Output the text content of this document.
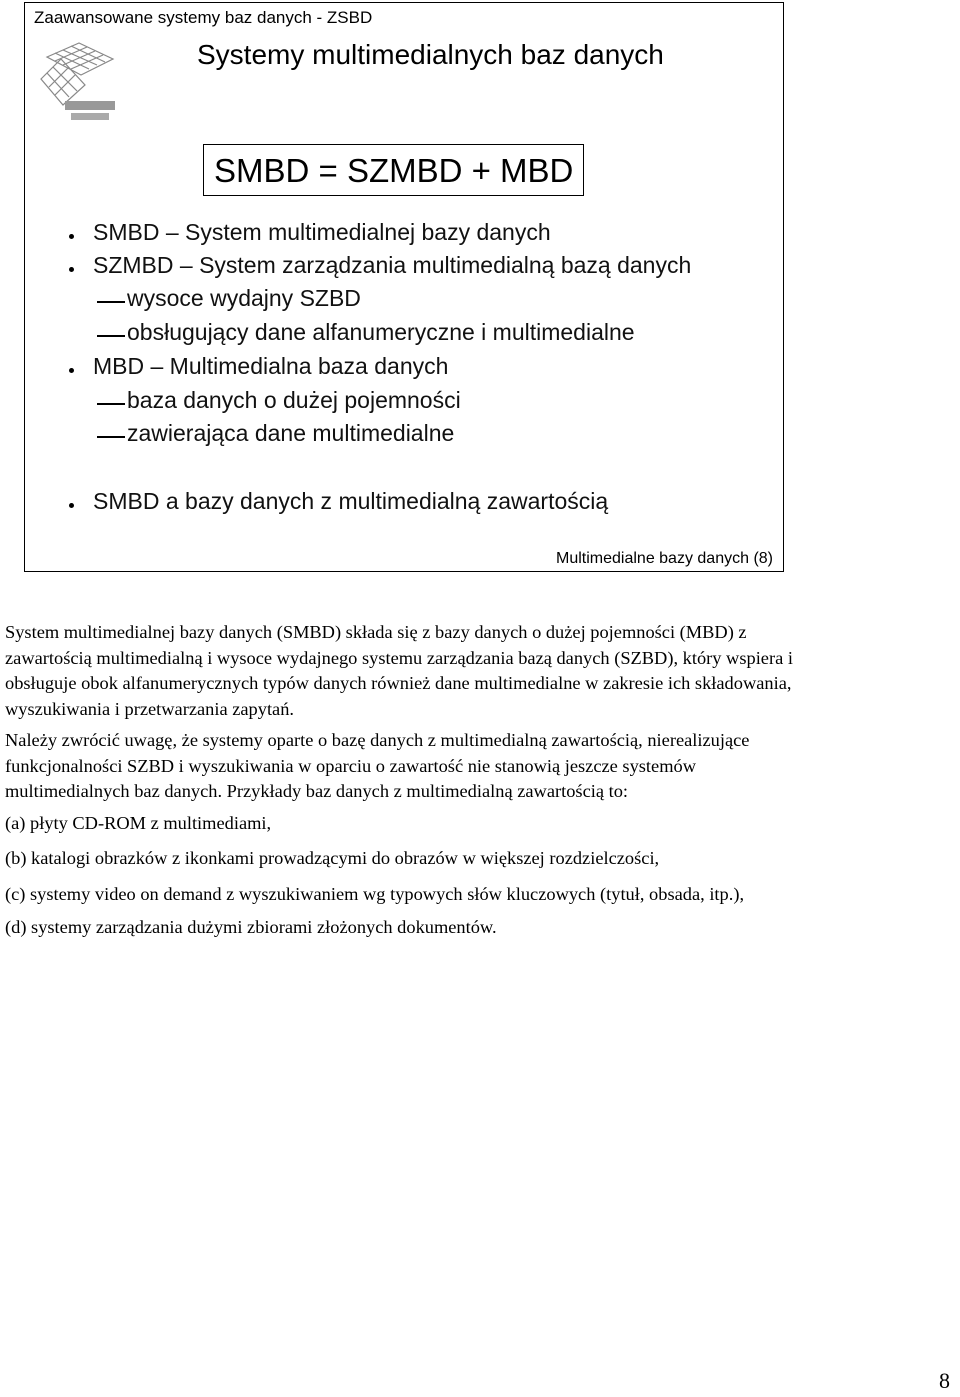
Zaawansowane systemy baz danych - ZSBD
Systemy multimedialnych baz danych
SMBD = SZMBD + MBD
SMBD – System multimedialnej bazy danych
SZMBD – System zarządzania multimedialną bazą danych
wysoce wydajny SZBD
obsługujący dane alfanumeryczne i multimedialne
MBD – Multimedialna baza danych
baza danych o dużej pojemności
zawierająca dane multimedialne
SMBD a bazy danych z multimedialną zawartością
Multimedialne bazy danych (8)

System multimedialnej bazy danych (SMBD) składa się z bazy danych o dużej pojemności (MBD) z zawartością multimedialną i wysoce wydajnego systemu zarządzania bazą danych (SZBD), który wspiera i obsługuje obok alfanumerycznych typów danych również dane multimedialne w zakresie ich składowania, wyszukiwania i przetwarzania zapytań.

Należy zwrócić uwagę, że systemy oparte o bazę danych z multimedialną zawartością, nierealizujące funkcjonalności SZBD i wyszukiwania w oparciu o zawartość nie stanowią jeszcze systemów multimedialnych baz danych. Przykłady baz danych z multimedialną zawartością to:

(a) płyty CD-ROM z multimediami,

(b) katalogi obrazków z ikonkami prowadzącymi do obrazów w większej rozdzielczości,

(c) systemy video on demand z wyszukiwaniem wg typowych słów kluczowych (tytuł, obsada, itp.),

(d) systemy zarządzania dużymi zbiorami złożonych dokumentów.

8
